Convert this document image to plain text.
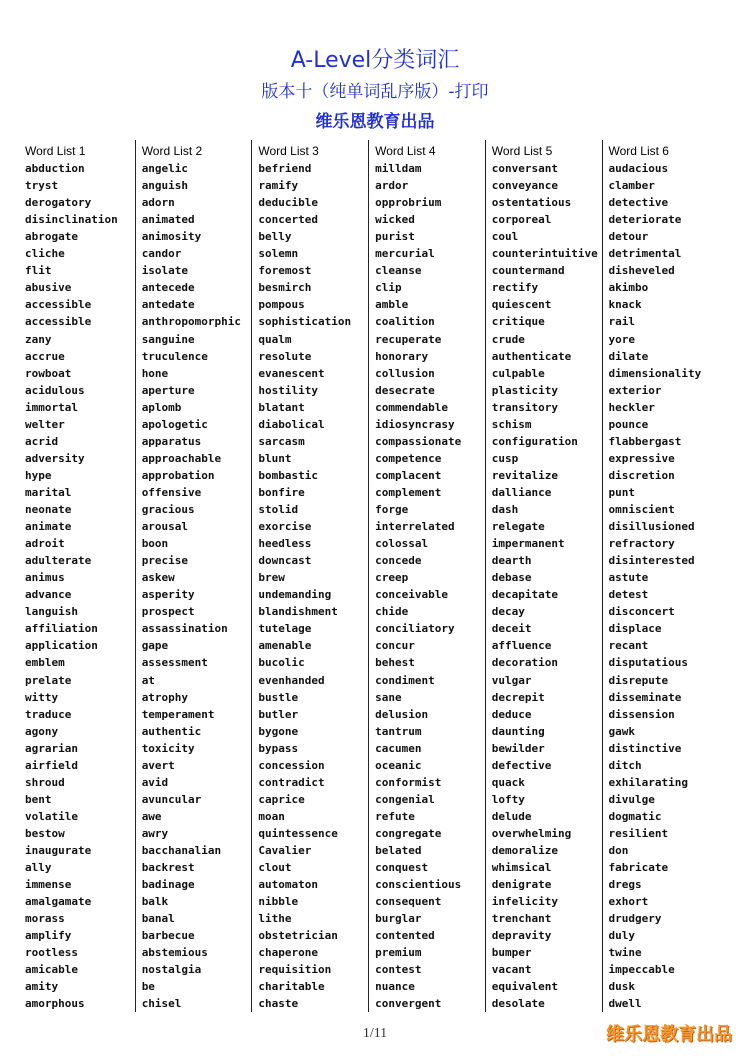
A-Level分类词汇
版本十（纯单词乱序版）-打印
维乐恩教育出品
Word List 1
abduction
tryst
derogatory
disinclination
abrogate
cliche
flit
abusive
accessible
accessible
zany
accrue
rowboat
acidulous
immortal
welter
acrid
adversity
hype
marital
neonate
animate
adroit
adulterate
animus
advance
languish
affiliation
application
emblem
prelate
witty
traduce
agony
agrarian
airfield
shroud
bent
volatile
bestow
inaugurate
ally
immense
amalgamate
morass
amplify
rootless
amicable
amity
amorphous
Word List 2
angelic
anguish
adorn
animated
animosity
candor
isolate
antecede
antedate
anthropomorphic
sanguine
truculence
hone
aperture
aplomb
apologetic
apparatus
approachable
approbation
offensive
gracious
arousal
boon
precise
askew
asperity
prospect
assassination
gape
assessment
at
atrophy
temperament
authentic
toxicity
avert
avid
avuncular
awe
awry
bacchanalian
backrest
badinage
balk
banal
barbecue
abstemious
nostalgia
be
chisel
Word List 3
befriend
ramify
deducible
concerted
belly
solemn
foremost
besmirch
pompous
sophistication
qualm
resolute
evanescent
hostility
blatant
diabolical
sarcasm
blunt
bombastic
bonfire
stolid
exorcise
heedless
downcast
brew
undemanding
blandishment
tutelage
amenable
bucolic
evenhanded
bustle
butler
bygone
bypass
concession
contradict
caprice
moan
quintessence
Cavalier
clout
automaton
nibble
lithe
obstetrician
chaperone
requisition
charitable
chaste
Word List 4
milldam
ardor
opprobrium
wicked
purist
mercurial
cleanse
clip
amble
coalition
recuperate
honorary
collusion
desecrate
commendable
idiosyncrasy
compassionate
competence
complacent
complement
forge
interrelated
colossal
concede
creep
conceivable
chide
conciliatory
concur
behest
condiment
sane
delusion
tantrum
cacumen
oceanic
conformist
congenial
refute
congregate
belated
conquest
conscientious
consequent
burglar
contented
premium
contest
nuance
convergent
Word List 5
conversant
conveyance
ostentatious
corporeal
coul
counterintuitive
countermand
rectify
quiescent
critique
crude
authenticate
culpable
plasticity
transitory
schism
configuration
cusp
revitalize
dalliance
dash
relegate
impermanent
dearth
debase
decapitate
decay
deceit
affluence
decoration
vulgar
decrepit
deduce
daunting
bewilder
defective
quack
lofty
delude
overwhelming
demoralize
whimsical
denigrate
infelicity
trenchant
depravity
bumper
vacant
equivalent
desolate
Word List 6
audacious
clamber
detective
deteriorate
detour
detrimental
disheveled
akimbo
knack
rail
yore
dilate
dimensionality
exterior
heckler
pounce
flabbergast
expressive
discretion
punt
omniscient
disillusioned
refractory
disinterested
astute
detest
disconcert
displace
recant
disputatious
disrepute
disseminate
dissension
gawk
distinctive
ditch
exhilarating
divulge
dogmatic
resilient
don
fabricate
dregs
exhort
drudgery
duly
twine
impeccable
dusk
dwell
1/11	维乐恩教育出品
